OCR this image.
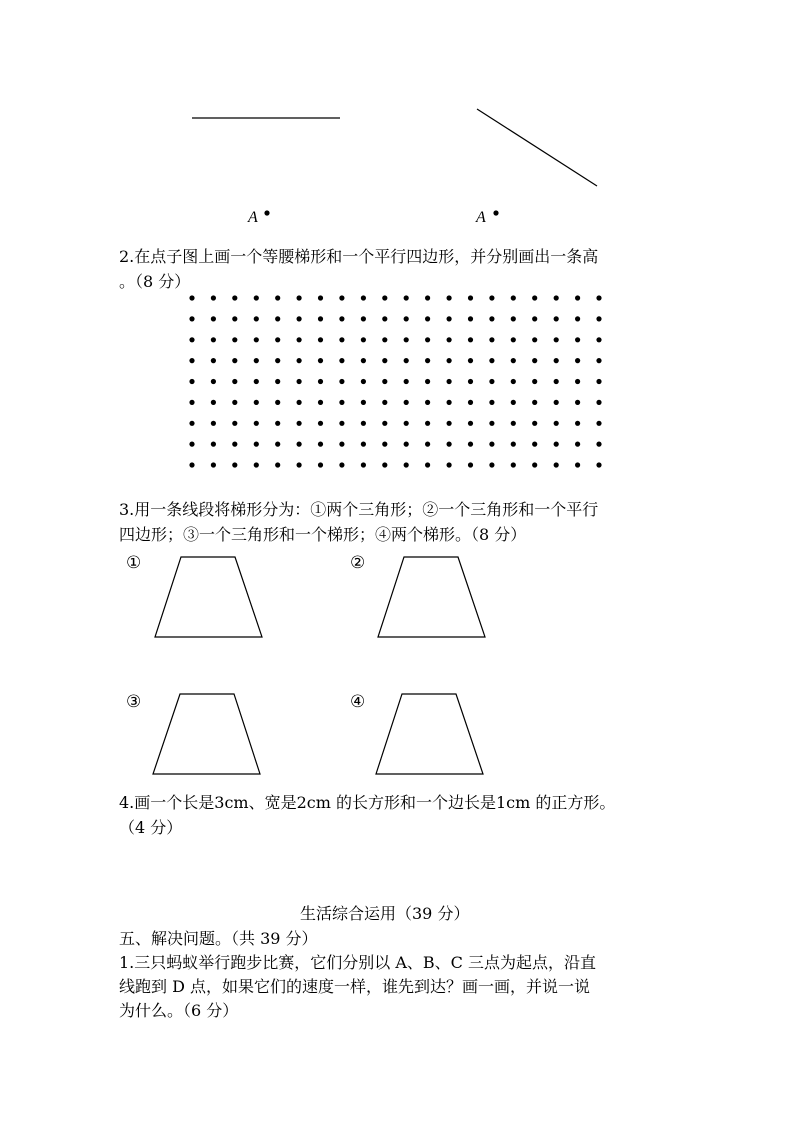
A	A
2.在点子图上画一个等腰梯形和一个平行四边形，并分别画出一条高
。（8 分）
3.用一条线段将梯形分为：①两个三角形；②一个三角形和一个平行
四边形；③一个三角形和一个梯形；④两个梯形。（8 分）
①	②
③	④
4.画一个长是3cm、宽是2cm 的长方形和一个边长是1cm 的正方形。
（4 分）
生活综合运用（39 分）
五、解决问题。（共 39 分）
1.三只蚂蚁举行跑步比赛，它们分别以 A、B、C 三点为起点，沿直
线跑到 D 点，如果它们的速度一样，谁先到达？画一画，并说一说
为什么。（6 分）
